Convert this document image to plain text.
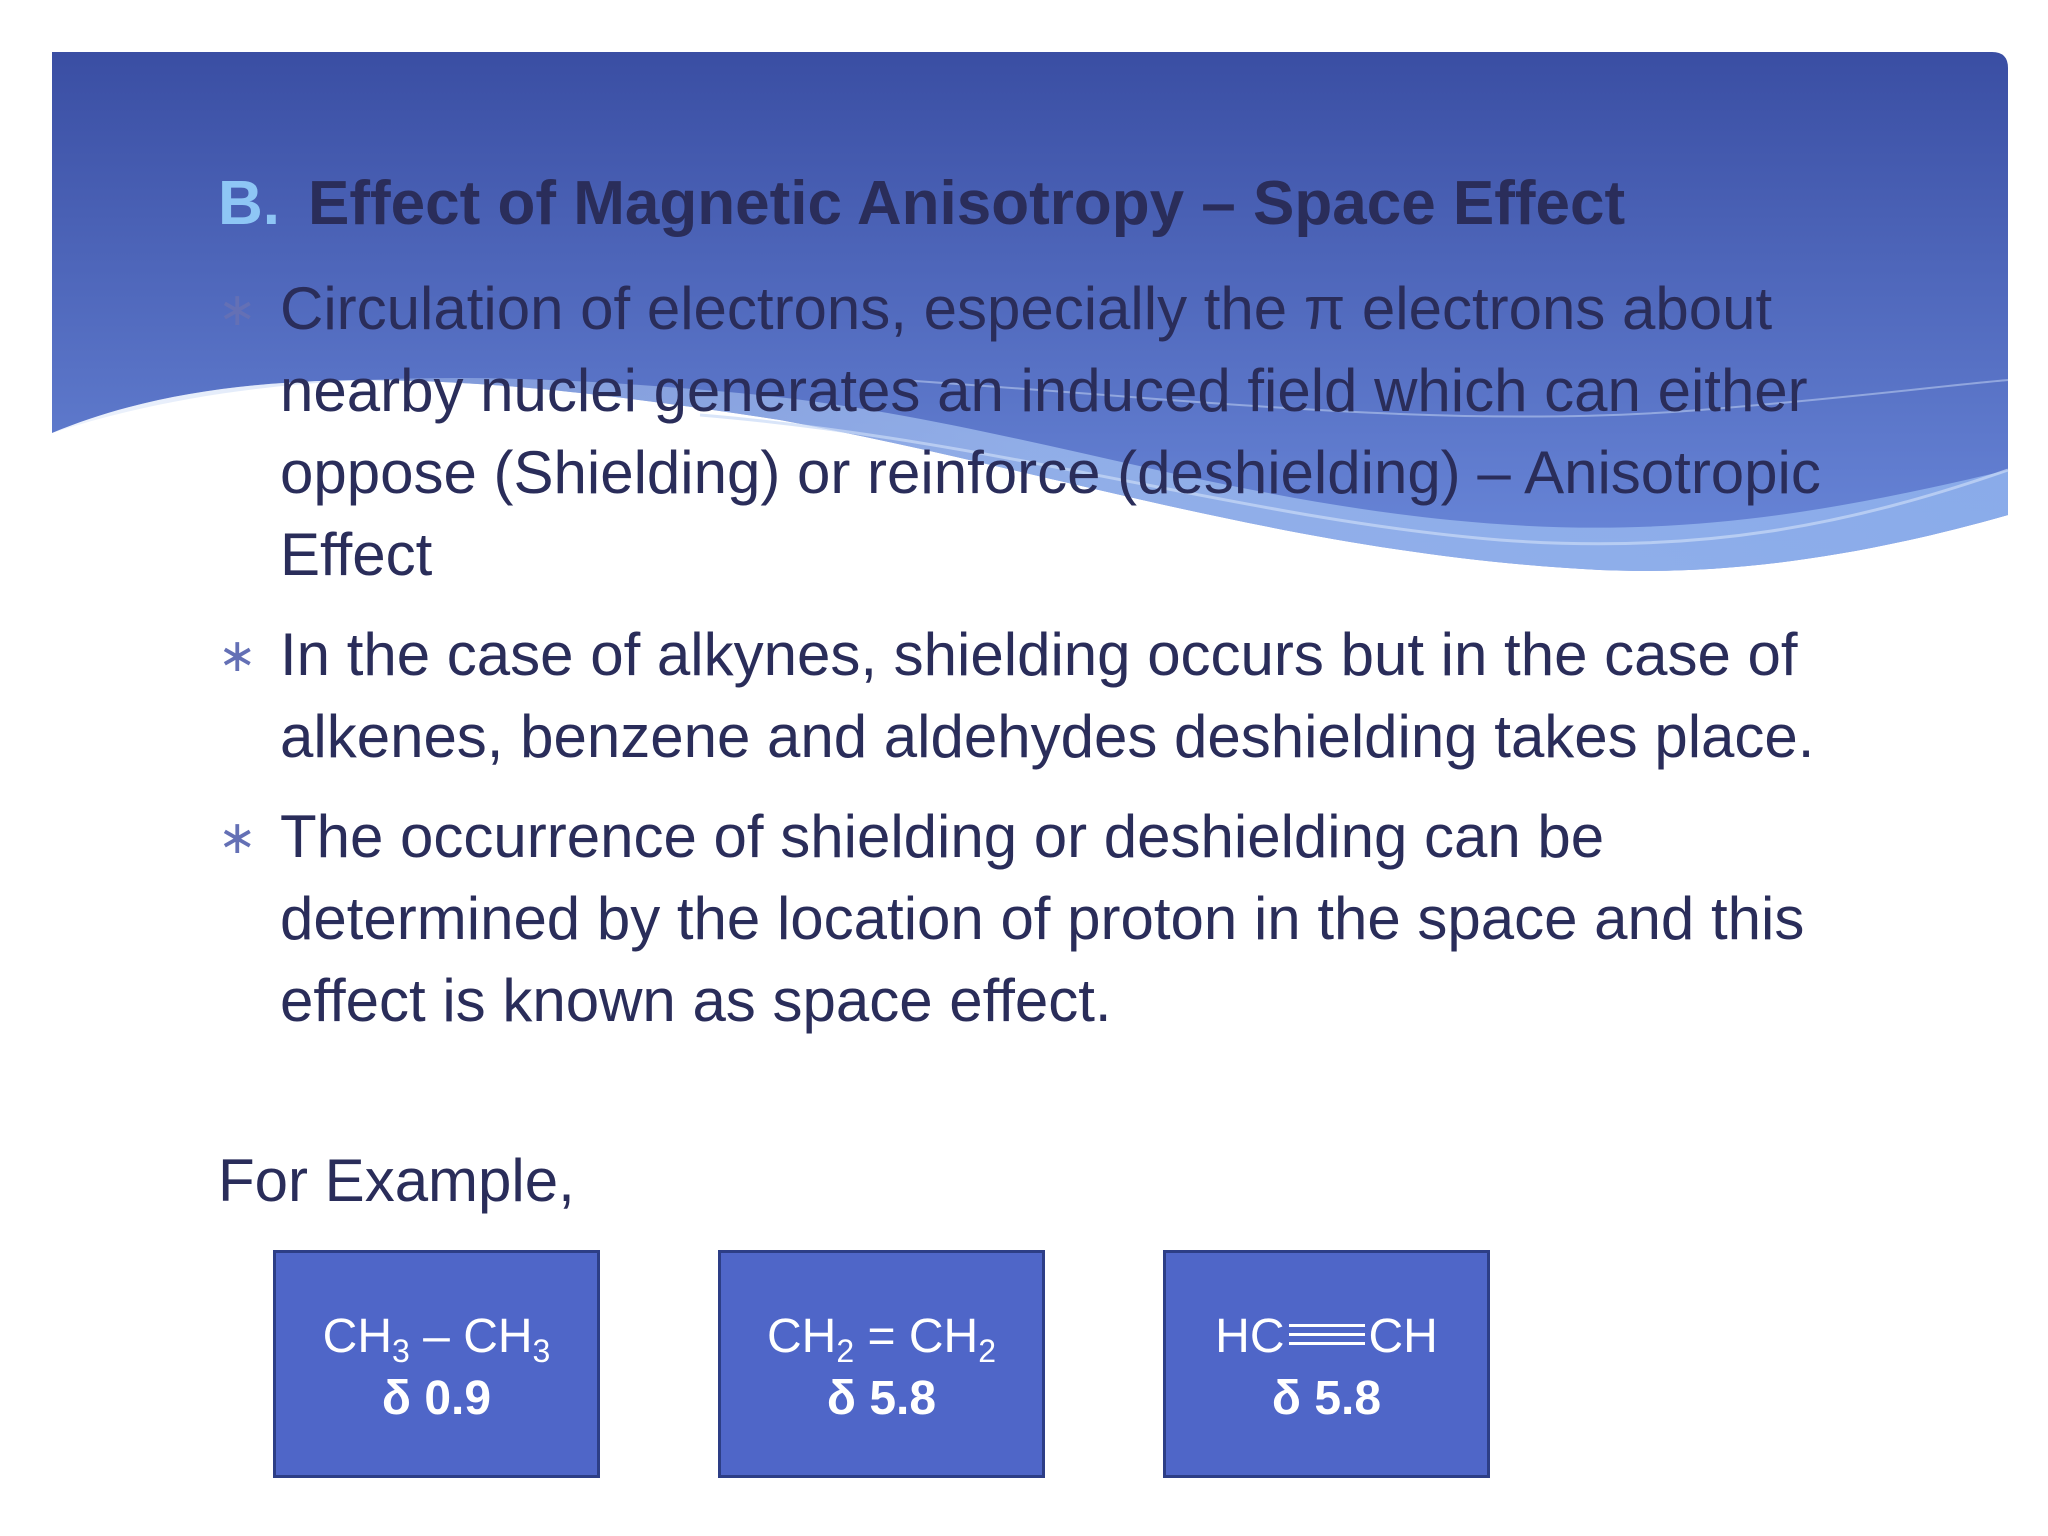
B. Effect of Magnetic Anisotropy – Space Effect
∗ Circulation of electrons, especially the π electrons about nearby nuclei generates an induced field which can either oppose (Shielding) or reinforce (deshielding) – Anisotropic Effect
∗ In the case of alkynes, shielding occurs but in the case of alkenes, benzene and aldehydes deshielding takes place.
∗ The occurrence of shielding or deshielding can be determined by the location of proton in the space and this effect is known as space effect.

For Example,

$CH_3 - CH_3$
δ 0.9
$CH_2 = CH_2$
δ 5.8
HC CH
δ 5.8
